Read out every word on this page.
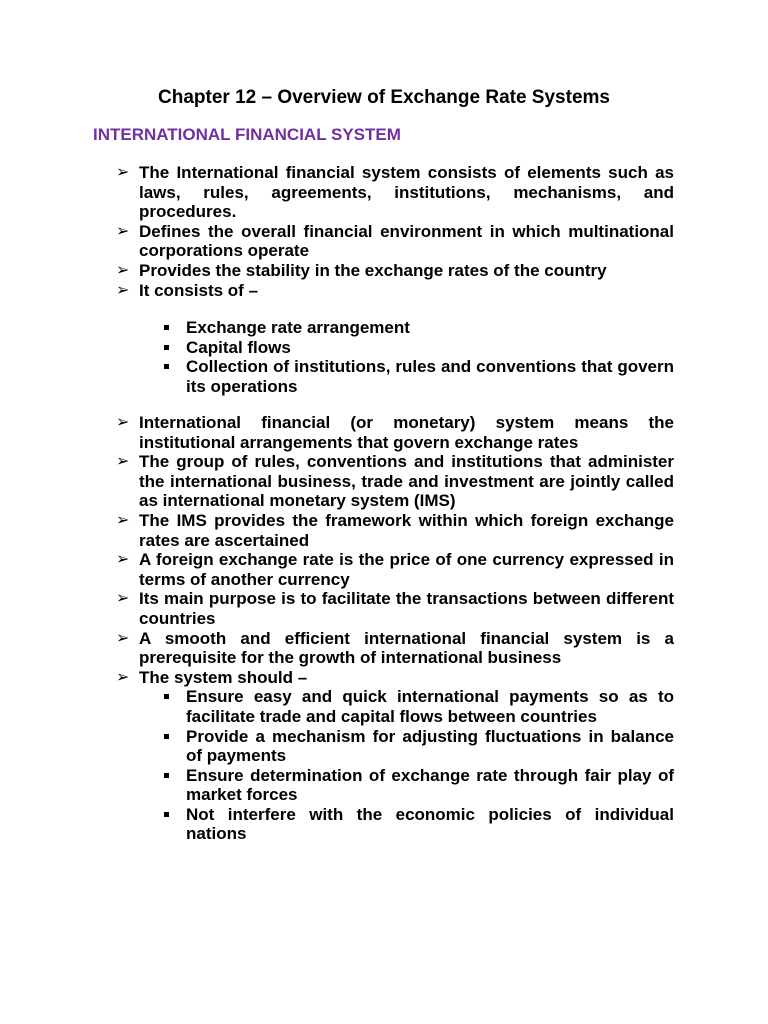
Chapter 12 – Overview of Exchange Rate Systems
INTERNATIONAL FINANCIAL SYSTEM
➢ The International financial system consists of elements such as laws, rules, agreements, institutions, mechanisms, and procedures.
➢ Defines the overall financial environment in which multinational corporations operate
➢ Provides the stability in the exchange rates of the country
➢ It consists of –
Exchange rate arrangement
Capital flows
Collection of institutions, rules and conventions that govern its operations
➢ International financial (or monetary) system means the institutional arrangements that govern exchange rates
➢ The group of rules, conventions and institutions that administer the international business, trade and investment are jointly called as international monetary system (IMS)
➢ The IMS provides the framework within which foreign exchange rates are ascertained
➢ A foreign exchange rate is the price of one currency expressed in terms of another currency
➢ Its main purpose is to facilitate the transactions between different countries
➢ A smooth and efficient international financial system is a prerequisite for the growth of international business
➢ The system should –
Ensure easy and quick international payments so as to facilitate trade and capital flows between countries
Provide a mechanism for adjusting fluctuations in balance of payments
Ensure determination of exchange rate through fair play of market forces
Not interfere with the economic policies of individual nations
